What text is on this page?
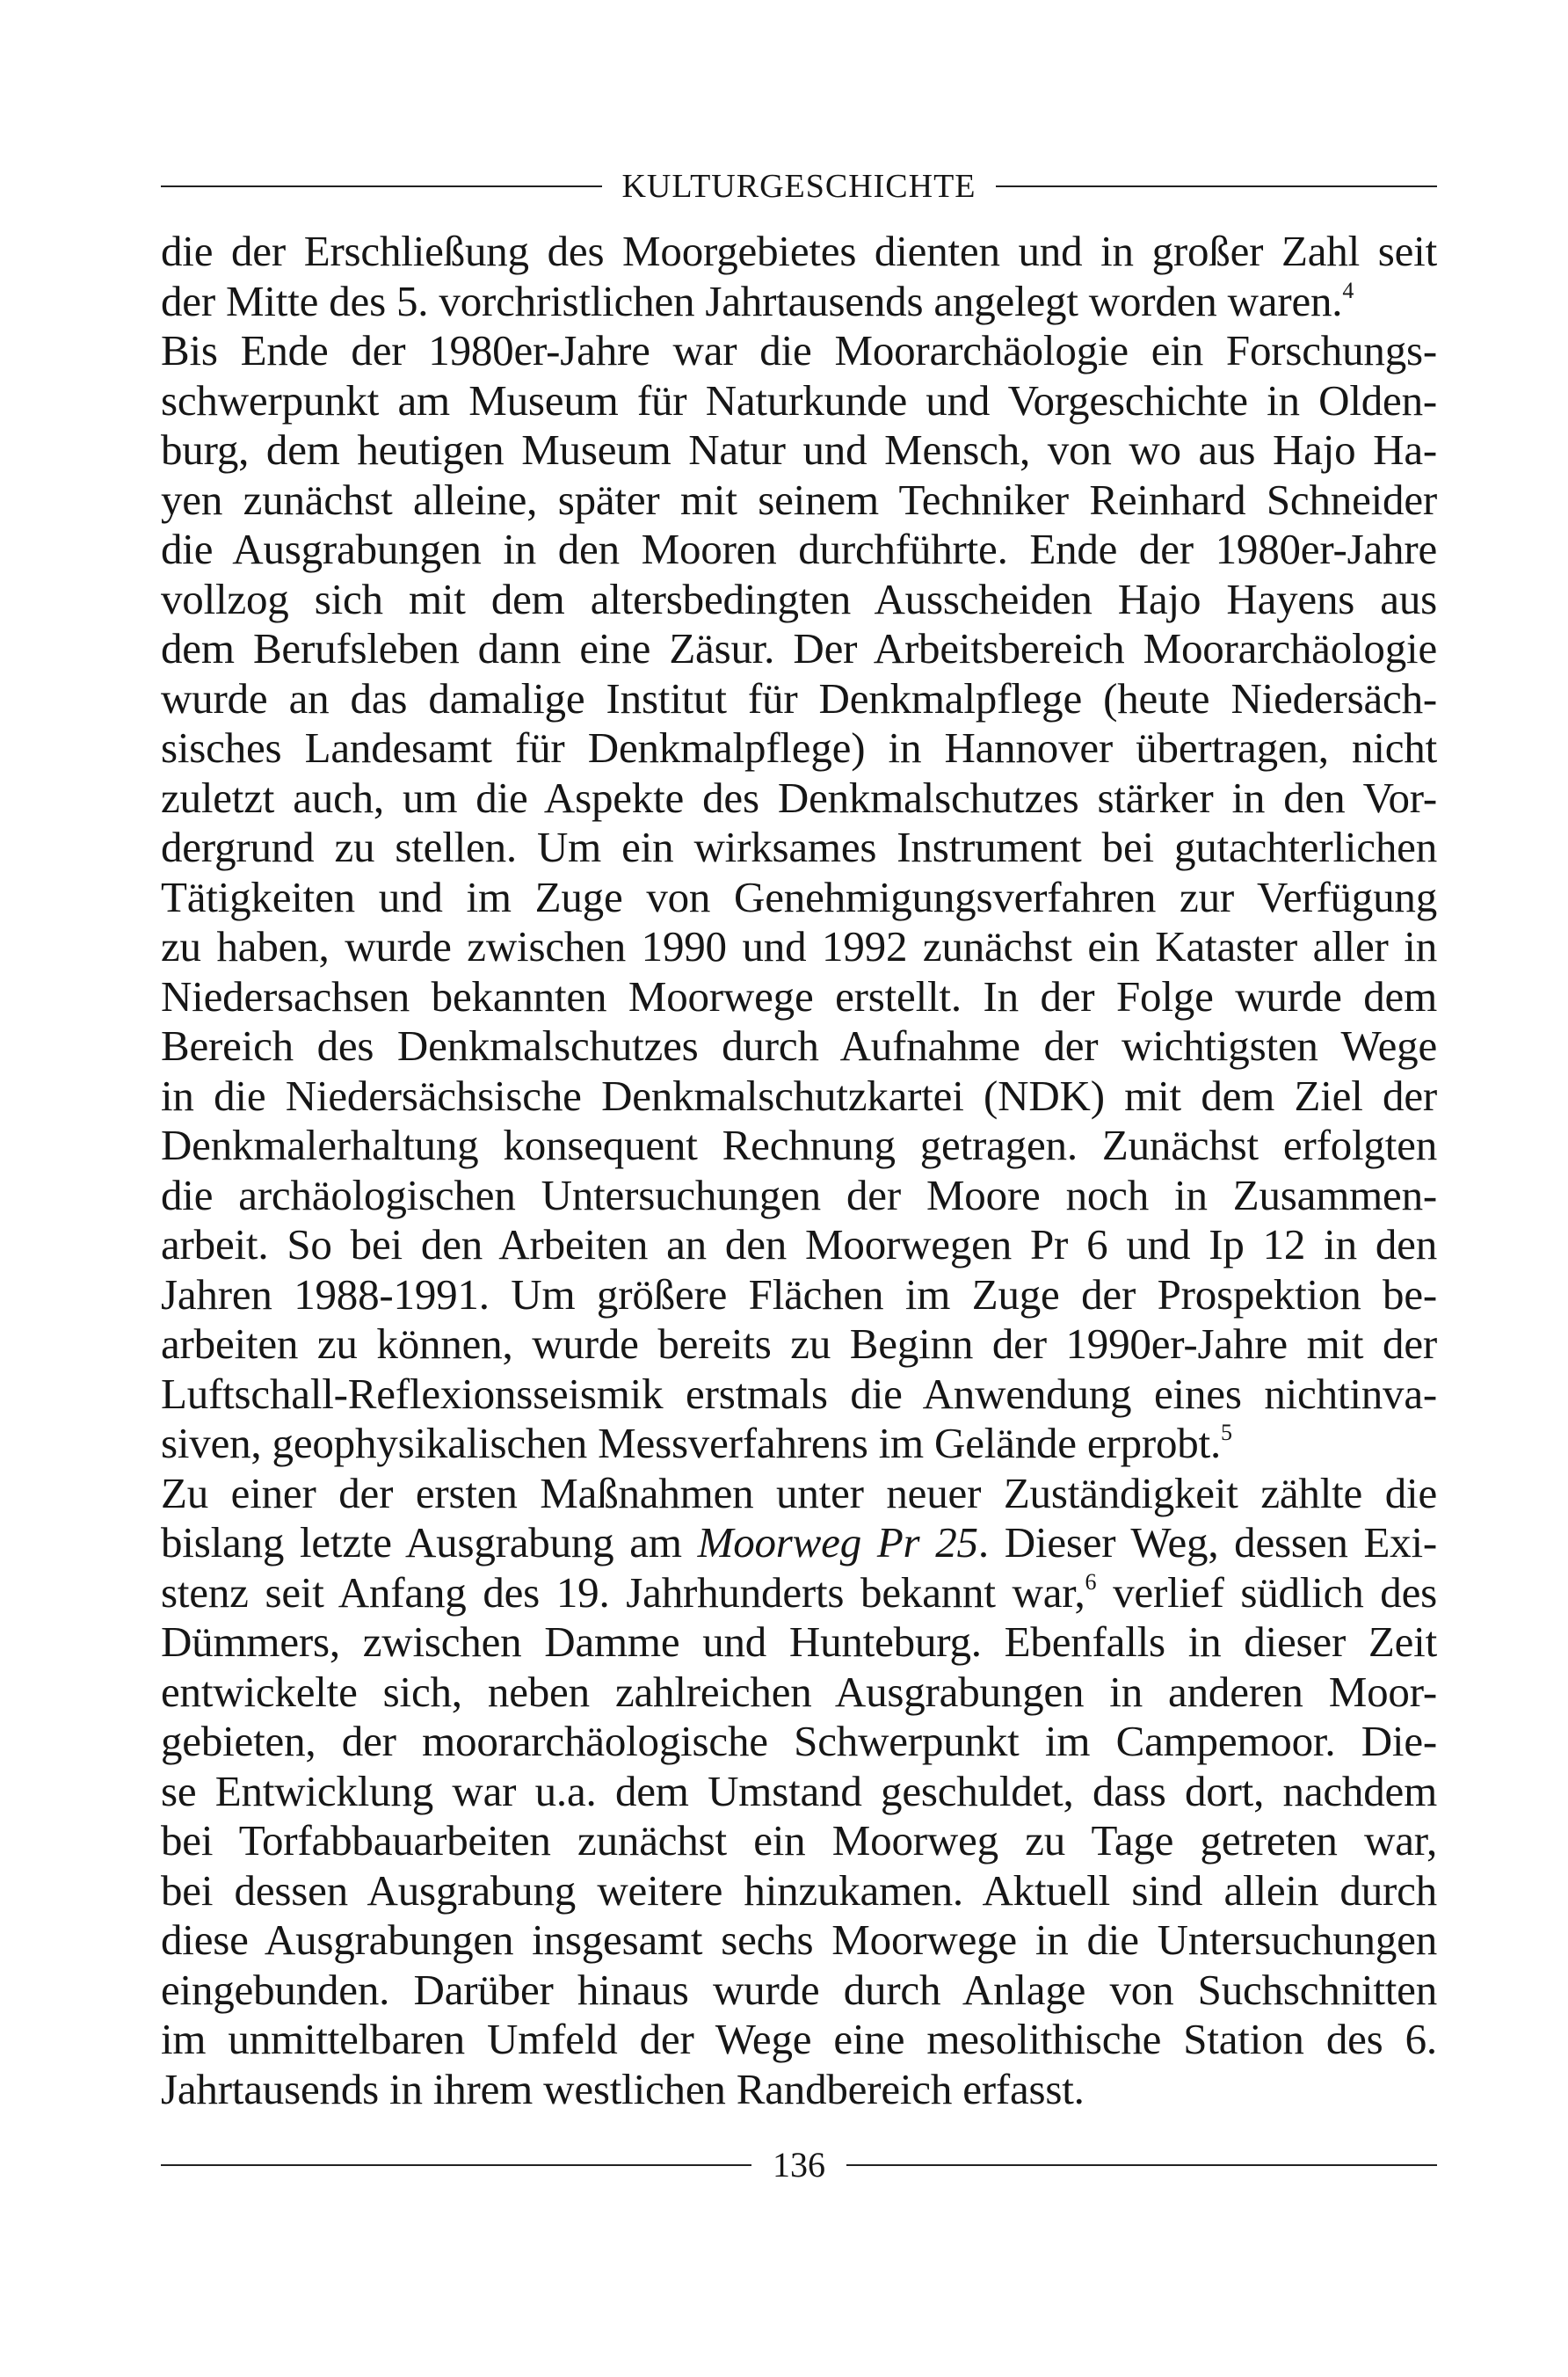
KULTURGESCHICHTE
die der Erschließung des Moorgebietes dienten und in großer Zahl seit
der Mitte des 5. vorchristlichen Jahrtausends angelegt worden waren.$^4$
Bis Ende der 1980er-Jahre war die Moorarchäologie ein Forschungs-
schwerpunkt am Museum für Naturkunde und Vorgeschichte in Olden-
burg, dem heutigen Museum Natur und Mensch, von wo aus Hajo Ha-
yen zunächst alleine, später mit seinem Techniker Reinhard Schneider
die Ausgrabungen in den Mooren durchführte. Ende der 1980er-Jahre
vollzog sich mit dem altersbedingten Ausscheiden Hajo Hayens aus
dem Berufsleben dann eine Zäsur. Der Arbeitsbereich Moorarchäologie
wurde an das damalige Institut für Denkmalpflege (heute Niedersäch-
sisches Landesamt für Denkmalpflege) in Hannover übertragen, nicht
zuletzt auch, um die Aspekte des Denkmalschutzes stärker in den Vor-
dergrund zu stellen. Um ein wirksames Instrument bei gutachterlichen
Tätigkeiten und im Zuge von Genehmigungsverfahren zur Verfügung
zu haben, wurde zwischen 1990 und 1992 zunächst ein Kataster aller in
Niedersachsen bekannten Moorwege erstellt. In der Folge wurde dem
Bereich des Denkmalschutzes durch Aufnahme der wichtigsten Wege
in die Niedersächsische Denkmalschutzkartei (NDK) mit dem Ziel der
Denkmalerhaltung konsequent Rechnung getragen. Zunächst erfolgten
die archäologischen Untersuchungen der Moore noch in Zusammen-
arbeit. So bei den Arbeiten an den Moorwegen Pr 6 und Ip 12 in den
Jahren 1988-1991. Um größere Flächen im Zuge der Prospektion be-
arbeiten zu können, wurde bereits zu Beginn der 1990er-Jahre mit der
Luftschall-Reflexionsseismik erstmals die Anwendung eines nichtinva-
siven, geophysikalischen Messverfahrens im Gelände erprobt.$^5$
Zu einer der ersten Maßnahmen unter neuer Zuständigkeit zählte die
bislang letzte Ausgrabung am Moorweg Pr 25. Dieser Weg, dessen Exi-
stenz seit Anfang des 19. Jahrhunderts bekannt war,$^6$ verlief südlich des
Dümmers, zwischen Damme und Hunteburg. Ebenfalls in dieser Zeit
entwickelte sich, neben zahlreichen Ausgrabungen in anderen Moor-
gebieten, der moorarchäologische Schwerpunkt im Campemoor. Die-
se Entwicklung war u.a. dem Umstand geschuldet, dass dort, nachdem
bei Torfabbauarbeiten zunächst ein Moorweg zu Tage getreten war,
bei dessen Ausgrabung weitere hinzukamen. Aktuell sind allein durch
diese Ausgrabungen insgesamt sechs Moorwege in die Untersuchungen
eingebunden. Darüber hinaus wurde durch Anlage von Suchschnitten
im unmittelbaren Umfeld der Wege eine mesolithische Station des 6.
Jahrtausends in ihrem westlichen Randbereich erfasst.
136
